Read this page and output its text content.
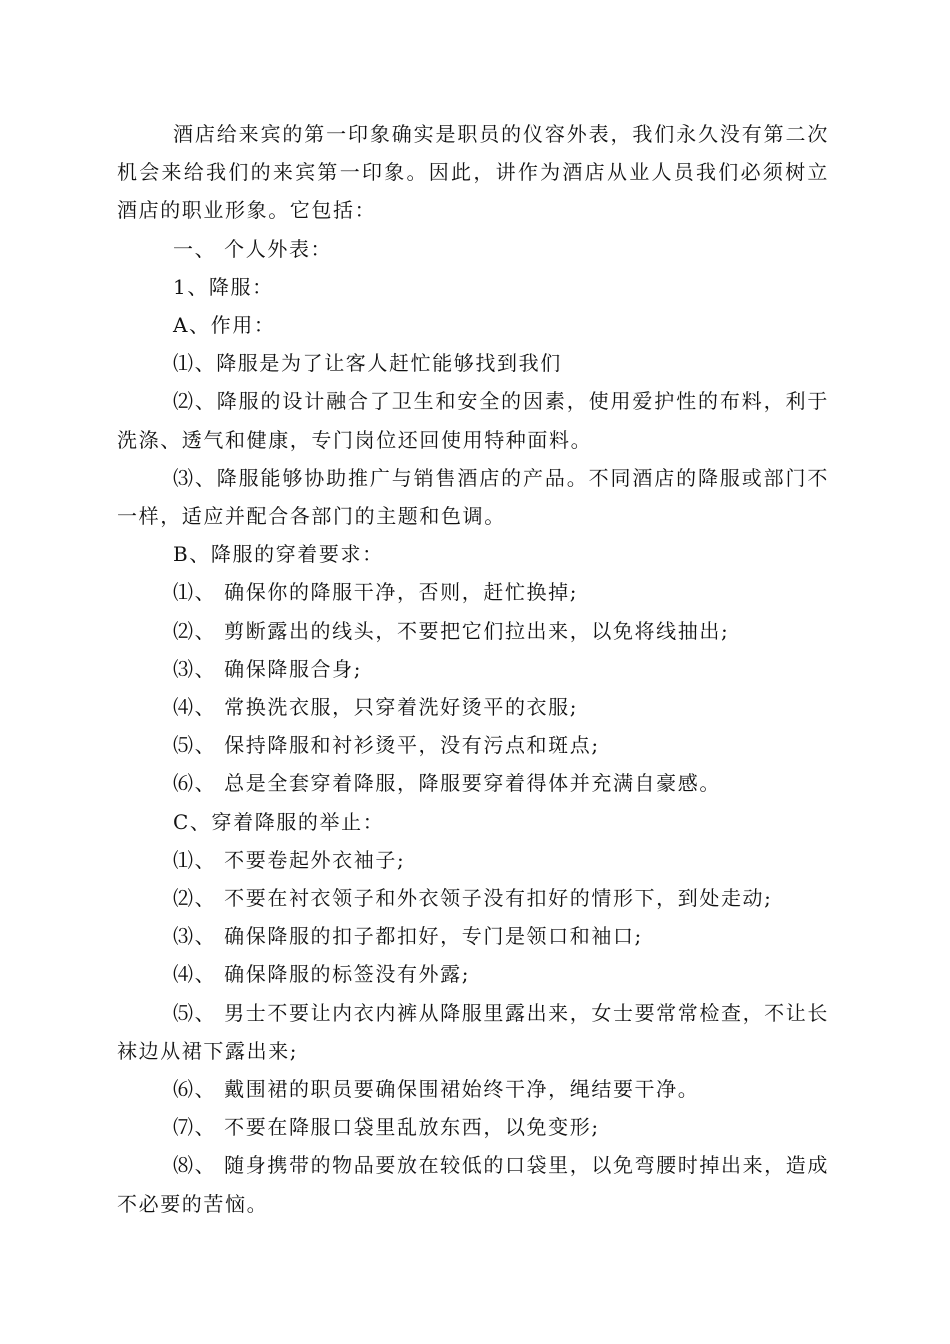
酒店给来宾的第一印象确实是职员的仪容外表，我们永久没有第二次机会来给我们的来宾第一印象。因此，讲作为酒店从业人员我们必须树立酒店的职业形象。它包括：

一、 个人外表：

1、降服：

A、作用：

⑴、降服是为了让客人赶忙能够找到我们

⑵、降服的设计融合了卫生和安全的因素，使用爱护性的布料，利于洗涤、透气和健康，专门岗位还回使用特种面料。

⑶、降服能够协助推广与销售酒店的产品。不同酒店的降服或部门不一样，适应并配合各部门的主题和色调。

B、降服的穿着要求：

⑴、 确保你的降服干净，否则，赶忙换掉;

⑵、 剪断露出的线头，不要把它们拉出来，以免将线抽出;

⑶、 确保降服合身;

⑷、 常换洗衣服，只穿着洗好烫平的衣服;

⑸、 保持降服和衬衫烫平，没有污点和斑点;

⑹、 总是全套穿着降服，降服要穿着得体并充满自豪感。

C、穿着降服的举止：

⑴、 不要卷起外衣袖子;

⑵、 不要在衬衣领子和外衣领子没有扣好的情形下，到处走动;

⑶、 确保降服的扣子都扣好，专门是领口和袖口;

⑷、 确保降服的标签没有外露;

⑸、 男士不要让内衣内裤从降服里露出来，女士要常常检查，不让长袜边从裙下露出来;

⑹、 戴围裙的职员要确保围裙始终干净，绳结要干净。

⑺、 不要在降服口袋里乱放东西，以免变形;

⑻、 随身携带的物品要放在较低的口袋里，以免弯腰时掉出来，造成不必要的苦恼。
